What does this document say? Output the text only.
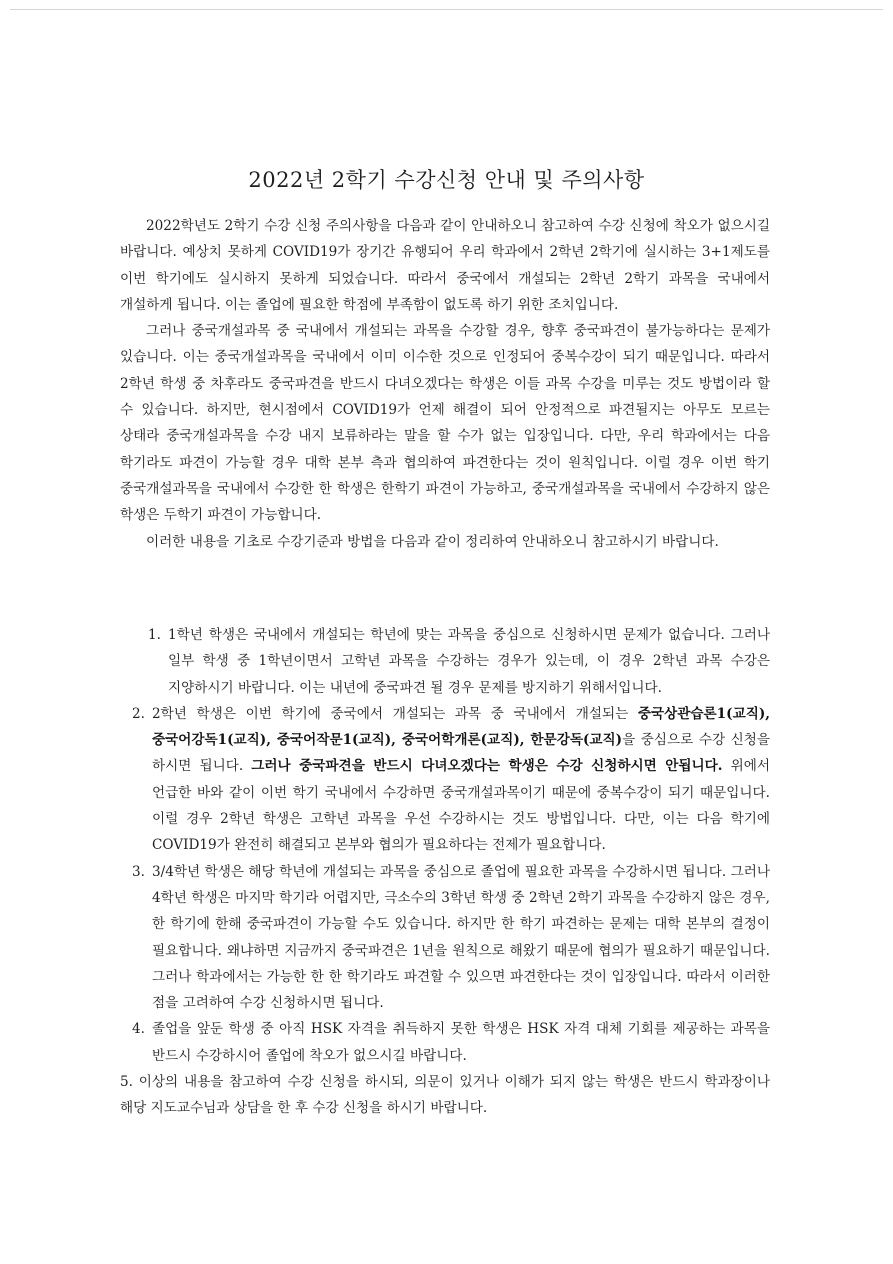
2022년 2학기 수강신청 안내 및 주의사항

2022학년도 2학기 수강 신청 주의사항을 다음과 같이 안내하오니 참고하여 수강 신청에 착오가 없으시길 바랍니다. 예상치 못하게 COVID19가 장기간 유행되어 우리 학과에서 2학년 2학기에 실시하는 3+1제도를 이번 학기에도 실시하지 못하게 되었습니다. 따라서 중국에서 개설되는 2학년 2학기 과목을 국내에서 개설하게 됩니다. 이는 졸업에 필요한 학점에 부족함이 없도록 하기 위한 조치입니다.

그러나 중국개설과목 중 국내에서 개설되는 과목을 수강할 경우, 향후 중국파견이 불가능하다는 문제가 있습니다. 이는 중국개설과목을 국내에서 이미 이수한 것으로 인정되어 중복수강이 되기 때문입니다. 따라서 2학년 학생 중 차후라도 중국파견을 반드시 다녀오겠다는 학생은 이들 과목 수강을 미루는 것도 방법이라 할 수 있습니다. 하지만, 현시점에서 COVID19가 언제 해결이 되어 안정적으로 파견될지는 아무도 모르는 상태라 중국개설과목을 수강 내지 보류하라는 말을 할 수가 없는 입장입니다. 다만, 우리 학과에서는 다음 학기라도 파견이 가능할 경우 대학 본부 측과 협의하여 파견한다는 것이 원칙입니다. 이럴 경우 이번 학기 중국개설과목을 국내에서 수강한 한 학생은 한학기 파견이 가능하고, 중국개설과목을 국내에서 수강하지 않은 학생은 두학기 파견이 가능합니다.

이러한 내용을 기초로 수강기준과 방법을 다음과 같이 정리하여 안내하오니 참고하시기 바랍니다.

1. 1학년 학생은 국내에서 개설되는 학년에 맞는 과목을 중심으로 신청하시면 문제가 없습니다. 그러나 일부 학생 중 1학년이면서 고학년 과목을 수강하는 경우가 있는데, 이 경우 2학년 과목 수강은 지양하시기 바랍니다. 이는 내년에 중국파견 될 경우 문제를 방지하기 위해서입니다.
2. 2학년 학생은 이번 학기에 중국에서 개설되는 과목 중 국내에서 개설되는 중국상관습론1(교직), 중국어강독1(교직), 중국어작문1(교직), 중국어학개론(교직), 한문강독(교직)을 중심으로 수강 신청을 하시면 됩니다. 그러나 중국파견을 반드시 다녀오겠다는 학생은 수강 신청하시면 안됩니다. 위에서 언급한 바와 같이 이번 학기 국내에서 수강하면 중국개설과목이기 때문에 중복수강이 되기 때문입니다. 이럴 경우 2학년 학생은 고학년 과목을 우선 수강하시는 것도 방법입니다. 다만, 이는 다음 학기에 COVID19가 완전히 해결되고 본부와 협의가 필요하다는 전제가 필요합니다.
3. 3/4학년 학생은 해당 학년에 개설되는 과목을 중심으로 졸업에 필요한 과목을 수강하시면 됩니다. 그러나 4학년 학생은 마지막 학기라 어렵지만, 극소수의 3학년 학생 중 2학년 2학기 과목을 수강하지 않은 경우, 한 학기에 한해 중국파견이 가능할 수도 있습니다. 하지만 한 학기 파견하는 문제는 대학 본부의 결정이 필요합니다. 왜냐하면 지금까지 중국파견은 1년을 원칙으로 해왔기 때문에 협의가 필요하기 때문입니다. 그러나 학과에서는 가능한 한 한 학기라도 파견할 수 있으면 파견한다는 것이 입장입니다. 따라서 이러한 점을 고려하여 수강 신청하시면 됩니다.
4. 졸업을 앞둔 학생 중 아직 HSK 자격을 취득하지 못한 학생은 HSK 자격 대체 기회를 제공하는 과목을 반드시 수강하시어 졸업에 착오가 없으시길 바랍니다.
5. 이상의 내용을 참고하여 수강 신청을 하시되, 의문이 있거나 이해가 되지 않는 학생은 반드시 학과장이나 해당 지도교수님과 상담을 한 후 수강 신청을 하시기 바랍니다.
